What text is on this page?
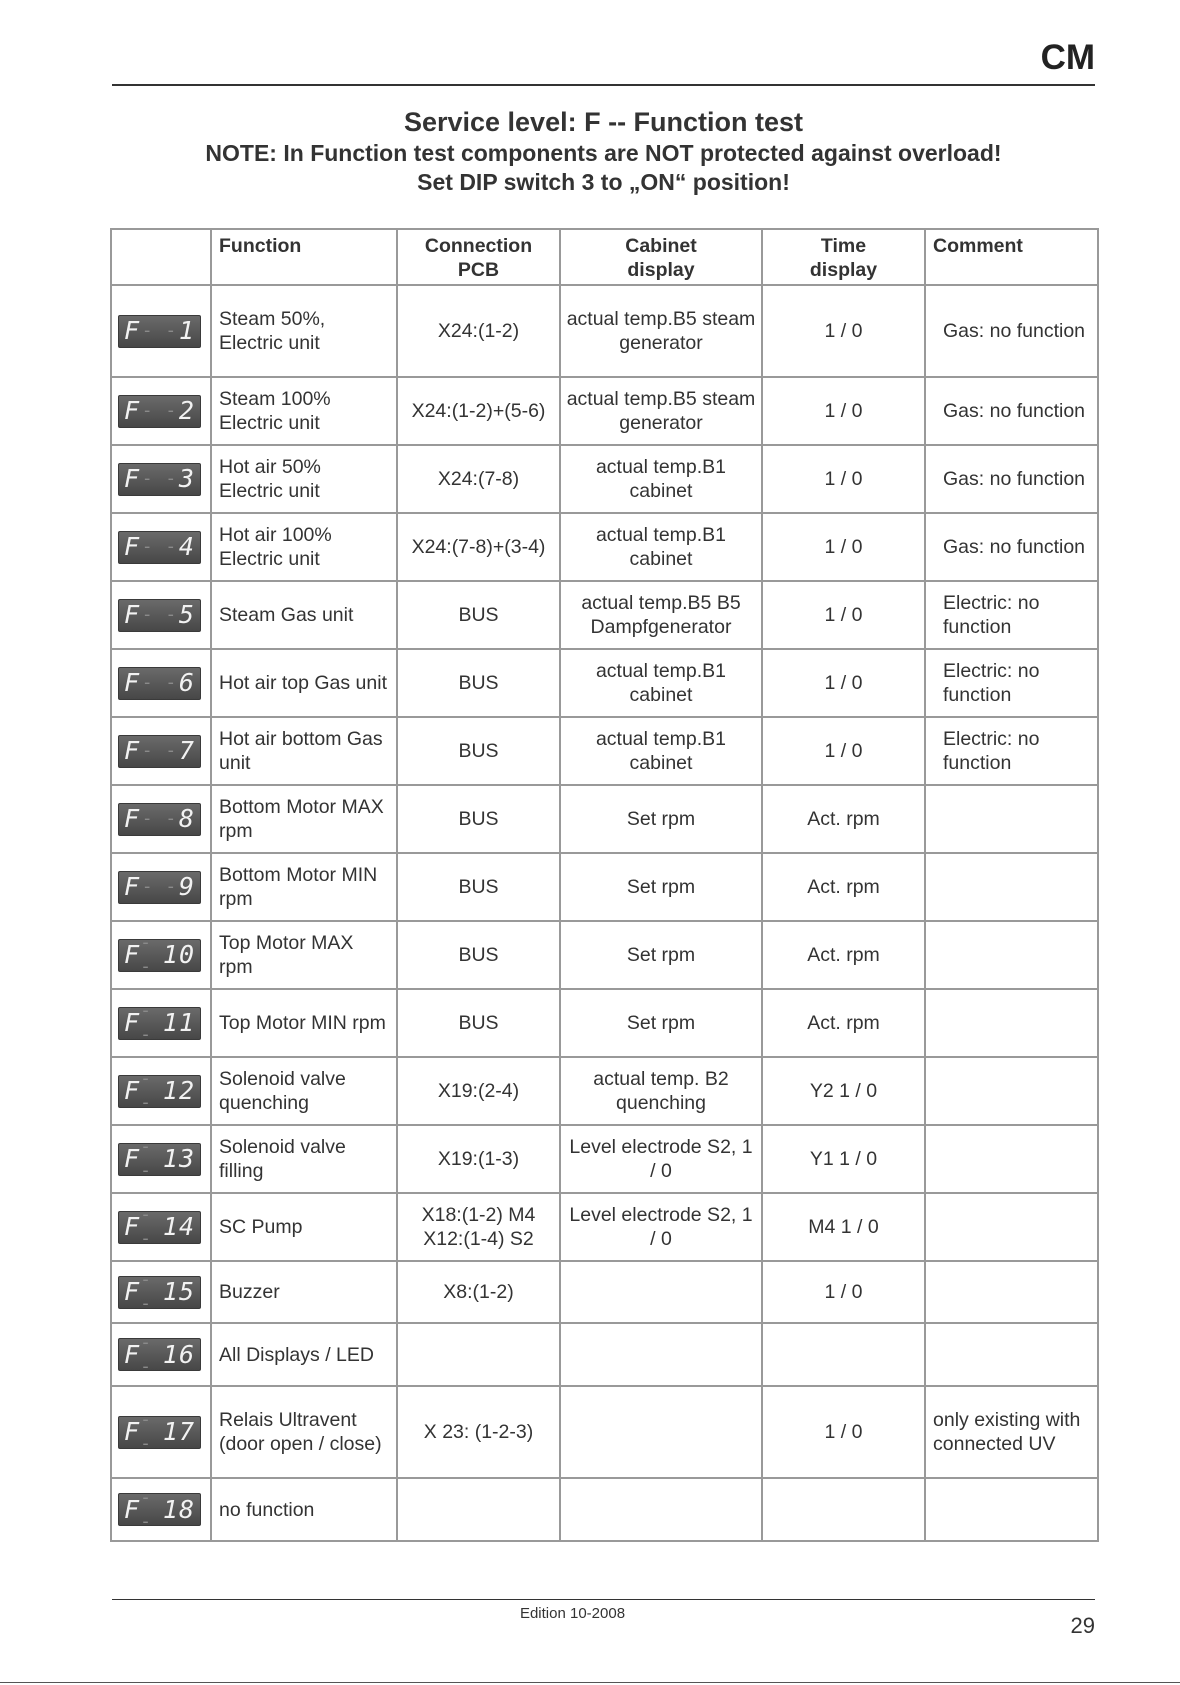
CM
Service level: F -- Function test
NOTE: In Function test components are NOT protected against overload!
Set DIP switch 3 to „ON“ position!
	Function	Connection PCB	Cabinet display	Time display	Comment

F ‐ ‐ 1	Steam 50%, Electric unit	X24:(1-2)	actual temp.B5 steam generator	1 / 0	Gas: no function

F ‐ ‐ 2	Steam 100% Electric unit	X24:(1-2)+(5-6)	actual temp.B5 steam generator	1 / 0	Gas: no function

F ‐ ‐ 3	Hot air 50% Electric unit	X24:(7-8)	actual temp.B1 cabinet	1 / 0	Gas: no function

F ‐ ‐ 4	Hot air 100% Electric unit	X24:(7-8)+(3-4)	actual temp.B1 cabinet	1 / 0	Gas: no function

F ‐ ‐ 5	Steam Gas unit	BUS	actual temp.B5 B5 Dampfgenerator	1 / 0	Electric: no function

F ‐ ‐ 6	Hot air top Gas unit	BUS	actual temp.B1 cabinet	1 / 0	Electric: no function

F ‐ ‐ 7	Hot air bottom Gas unit	BUS	actual temp.B1 cabinet	1 / 0	Electric: no function

F ‐ ‐ 8	Bottom Motor MAX rpm	BUS	Set rpm	Act. rpm	

F ‐ ‐ 9	Bottom Motor MIN rpm	BUS	Set rpm	Act. rpm	

F ‐ ‐ 10	Top Motor MAX rpm	BUS	Set rpm	Act. rpm	

F ‐ ‐ 11	Top Motor MIN rpm	BUS	Set rpm	Act. rpm	

F ‐ ‐ 12	Solenoid valve quenching	X19:(2-4)	actual temp. B2 quenching	Y2 1 / 0	

F ‐ ‐ 13	Solenoid valve filling	X19:(1-3)	Level electrode S2, 1 / 0	Y1 1 / 0	

F ‐ ‐ 14	SC Pump	X18:(1-2) M4 X12:(1-4) S2	Level electrode S2, 1 / 0	M4 1 / 0	

F ‐ ‐ 15	Buzzer	X8:(1-2)		1 / 0	

F ‐ ‐ 16	All Displays / LED				

F ‐ ‐ 17	Relais Ultravent (door open / close)	X 23: (1-2-3)		1 / 0	only existing with connected UV

F ‐ ‐ 18	no function				
Edition 10-2008	29
